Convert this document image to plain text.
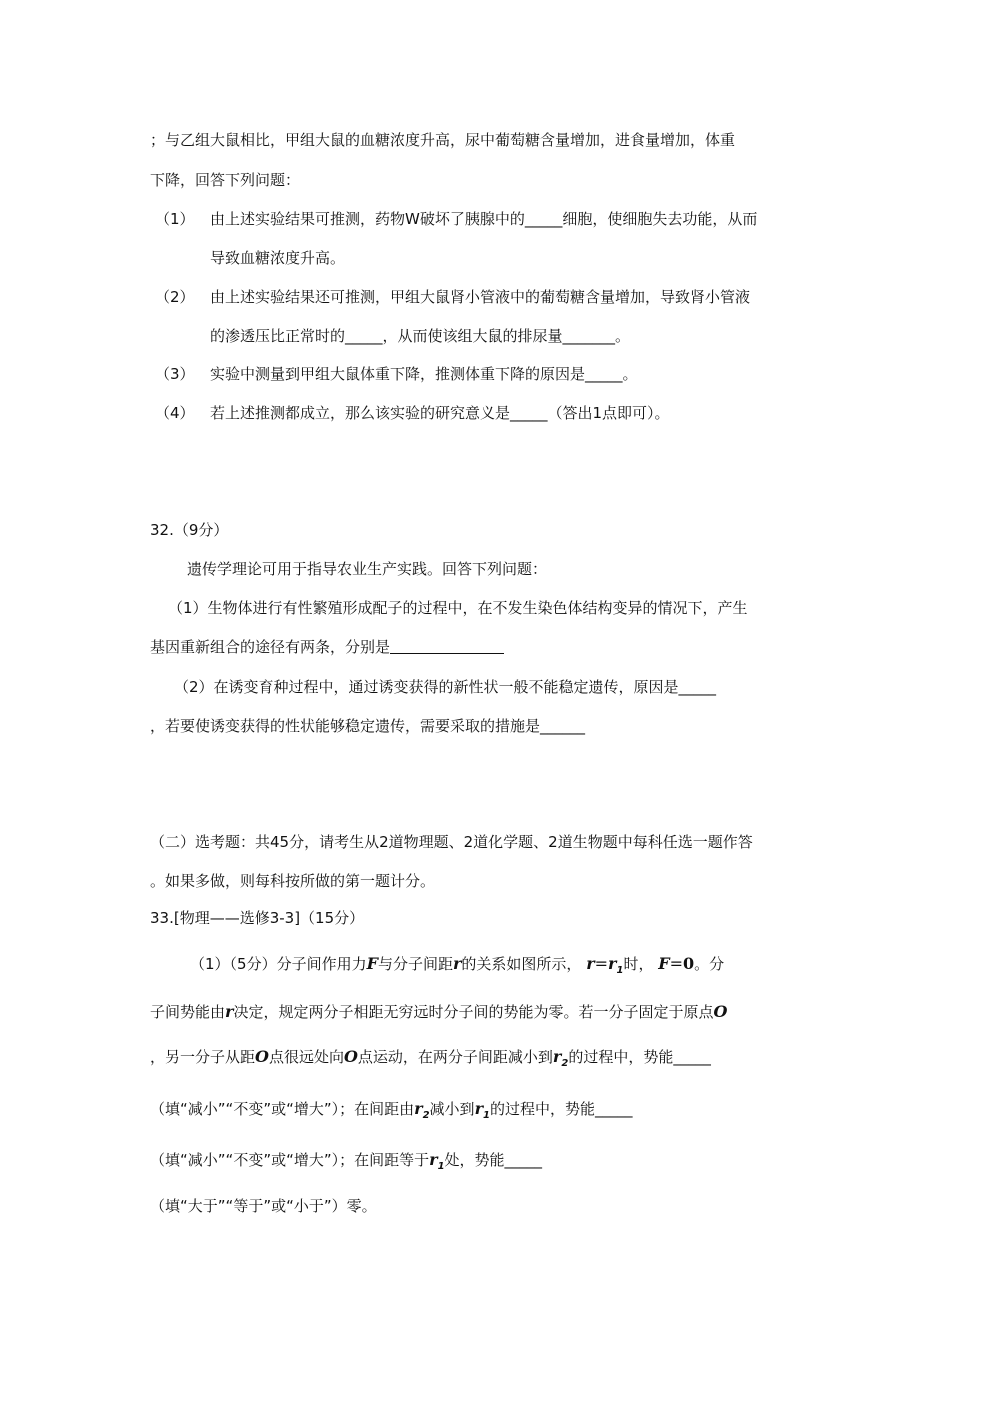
；与乙组大鼠相比，甲组大鼠的血糖浓度升高，尿中葡萄糖含量增加，进食量增加，体重
下降，回答下列问题：
（1） 由上述实验结果可推测，药物W破坏了胰腺中的_____细胞，使细胞失去功能，从而
导致血糖浓度升高。
（2） 由上述实验结果还可推测，甲组大鼠肾小管液中的葡萄糖含量增加，导致肾小管液
的渗透压比正常时的_____，从而使该组大鼠的排尿量_______。
（3） 实验中测量到甲组大鼠体重下降，推测体重下降的原因是_____。
（4） 若上述推测都成立，那么该实验的研究意义是_____（答出1点即可）。
32.（9分）
遗传学理论可用于指导农业生产实践。回答下列问题：
（1）生物体进行有性繁殖形成配子的过程中，在不发生染色体结构变异的情况下，产生
基因重新组合的途径有两条，分别是
（2）在诱变育种过程中，通过诱变获得的新性状一般不能稳定遗传，原因是_____
，若要使诱变获得的性状能够稳定遗传，需要采取的措施是______
（二）选考题：共45分，请考生从2道物理题、2道化学题、2道生物题中每科任选一题作答
。如果多做，则每科按所做的第一题计分。
33.[物理——选修3-3]（15分）
（1）（5分）分子间作用力F与分子间距r的关系如图所示， $r=r_1$时， F=0。分
子间势能由r决定，规定两分子相距无穷远时分子间的势能为零。若一分子固定于原点O
，另一分子从距O点很远处向O点运动，在两分子间距减小到$r_2$的过程中，势能_____
（填“减小”“不变”或“增大”）；在间距由$r_2$减小到$r_1$的过程中，势能_____
（填“减小”“不变”或“增大”）；在间距等于$r_1$处，势能_____
（填“大于”“等于”或“小于”）零。
